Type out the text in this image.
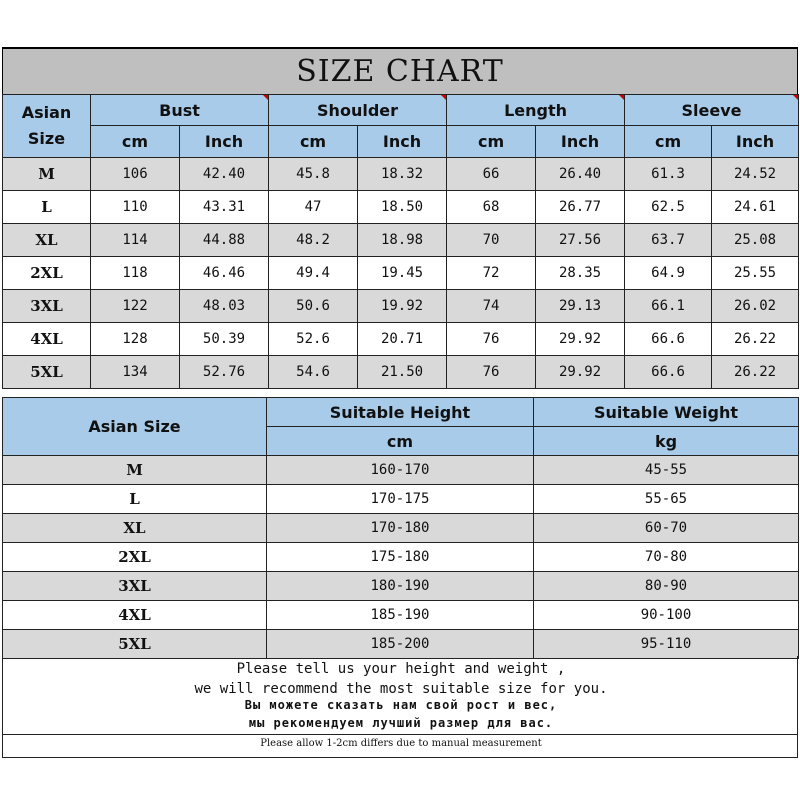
SIZE CHART
Asian
Size	Bust		Shoulder		Length		Sleeve	

	cm	Inch	cm	Inch	cm	Inch	cm	Inch
M	106	42.40	45.8	18.32	66	26.40	61.3	24.52
L	110	43.31	47	18.50	68	26.77	62.5	24.61
XL	114	44.88	48.2	18.98	70	27.56	63.7	25.08
2XL	118	46.46	49.4	19.45	72	28.35	64.9	25.55
3XL	122	48.03	50.6	19.92	74	29.13	66.1	26.02
4XL	128	50.39	52.6	20.71	76	29.92	66.6	26.22
5XL	134	52.76	54.6	21.50	76	29.92	66.6	26.22
Asian Size	Suitable Height	Suitable Weight
	cm	kg
M	160-170	45-55
L	170-175	55-65
XL	170-180	60-70
2XL	175-180	70-80
3XL	180-190	80-90
4XL	185-190	90-100
5XL	185-200	95-110
Please tell us your height and weight ,
we will recommend the most suitable size for you.
Вы можете сказать нам свой рост и вес,
мы рекомендуем лучший размер для вас.
Please allow 1-2cm differs due to manual measurement
